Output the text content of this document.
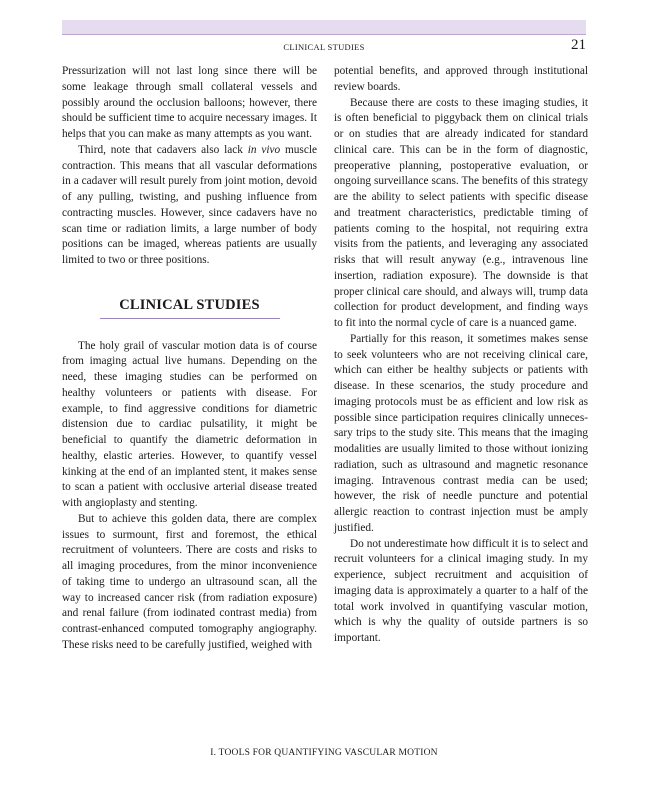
CLINICAL STUDIES	21

Pressurization will not last long since there will be some leakage through small collateral vessels and possibly around the occlusion balloons; however, there should be sufficient time to acquire necessary images. It helps that you can make as many attempts as you want.

Third, note that cadavers also lack in vivo muscle contraction. This means that all vascular deformations in a cadaver will result purely from joint motion, devoid of any pulling, twisting, and pushing influence from contracting muscles. However, since cadavers have no scan time or radiation limits, a large number of body positions can be imaged, whereas patients are usually limited to two or three positions.

CLINICAL STUDIES

The holy grail of vascular motion data is of course from imaging actual live humans. Depending on the need, these imaging studies can be performed on healthy volunteers or patients with disease. For example, to find aggressive conditions for diametric distension due to cardiac pulsatility, it might be beneficial to quantify the diametric deformation in healthy, elastic arteries. However, to quantify vessel kinking at the end of an implanted stent, it makes sense to scan a patient with occlusive arterial disease treated with angioplasty and stenting.

But to achieve this golden data, there are complex issues to surmount, first and foremost, the ethical recruitment of volunteers. There are costs and risks to all imaging procedures, from the minor inconvenience of taking time to undergo an ultrasound scan, all the way to increased cancer risk (from radiation exposure) and renal failure (from iodinated contrast media) from contrast-enhanced computed tomography angiography. These risks need to be carefully justified, weighed with

potential benefits, and approved through institutional review boards.

Because there are costs to these imaging studies, it is often beneficial to piggyback them on clinical trials or on studies that are already indicated for standard clinical care. This can be in the form of diagnostic, preoperative planning, postoperative evaluation, or ongoing surveillance scans. The benefits of this strategy are the ability to select patients with specific disease and treatment characteristics, predictable timing of patients coming to the hospital, not requiring extra visits from the patients, and leveraging any associated risks that will result anyway (e.g., intravenous line insertion, radiation exposure). The downside is that proper clinical care should, and always will, trump data collection for product development, and finding ways to fit into the normal cycle of care is a nuanced game.

Partially for this reason, it sometimes makes sense to seek volunteers who are not receiving clinical care, which can either be healthy subjects or patients with disease. In these scenarios, the study procedure and imaging protocols must be as efficient and low risk as possible since participation requires clinically unnecessary trips to the study site. This means that the imaging modalities are usually limited to those without ionizing radiation, such as ultrasound and magnetic resonance imaging. Intravenous contrast media can be used; however, the risk of needle puncture and potential allergic reaction to contrast injection must be amply justified.

Do not underestimate how difficult it is to select and recruit volunteers for a clinical imaging study. In my experience, subject recruitment and acquisition of imaging data is approximately a quarter to a half of the total work involved in quantifying vascular motion, which is why the quality of outside partners is so important.

I. TOOLS FOR QUANTIFYING VASCULAR MOTION
